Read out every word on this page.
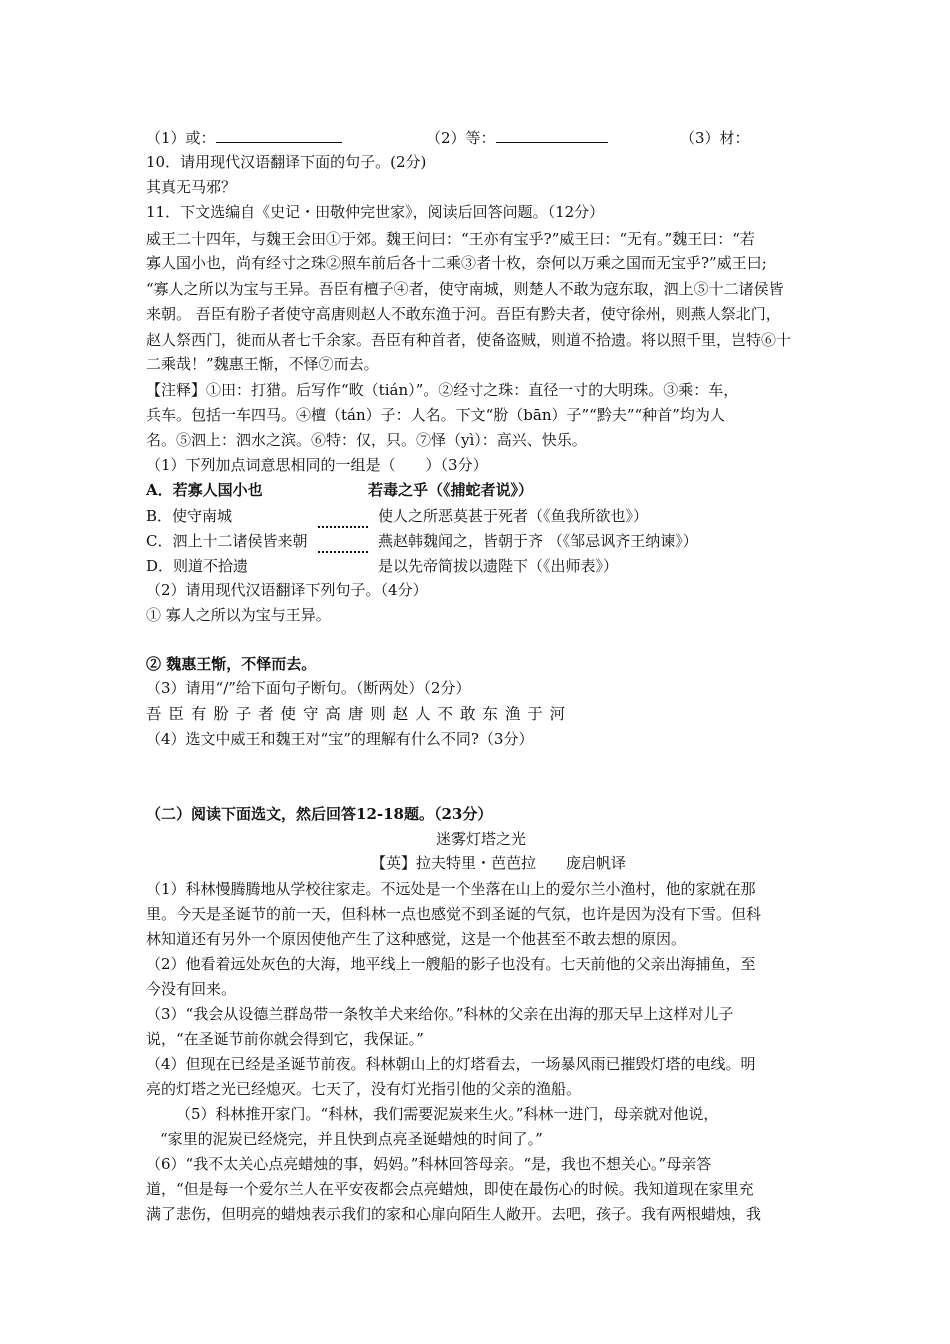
（1）或：	（2）等：	（3）材：
10．请用现代汉语翻译下面的句子。(2分)
其真无马邪？
11．下文选编自《史记・田敬仲完世家》，阅读后回答问题。（12分）
威王二十四年，与魏王会田①于郊。魏王问曰：“王亦有宝乎?”威王曰：“无有。”魏王曰：“若
寡人国小也，尚有经寸之珠②照车前后各十二乘③者十枚，奈何以万乘之国而无宝乎?”威王曰;
“寡人之所以为宝与王异。吾臣有檀子④者，使守南城，则楚人不敢为寇东取，泗上⑤十二诸侯皆
来朝。 吾臣有肦子者使守高唐则赵人不敢东渔于河。吾臣有黔夫者，使守徐州，则燕人祭北门，
赵人祭西门，徙而从者七千余家。吾臣有种首者，使备盗贼，则道不拾遗。将以照千里，岂特⑥十
二乘哉！”魏惠王惭，不怿⑦而去。
【注释】①田：打猎。后写作“畋（tián）”。②经寸之珠：直径一寸的大明珠。③乘：车，
兵车。包括一车四马。④檀（tán）子：人名。下文“肦（bān）子”“黔夫”“种首”均为人
名。⑤泗上：泗水之滨。⑥特：仅，只。⑦怿（yì）：高兴、快乐。
（1）下列加点词意思相同的一组是（　　）（3分）
A．若寡人国小也	若毒之乎（《捕蛇者说》）
B．使守南城	使人之所恶莫甚于死者（《鱼我所欲也》）
C．泗上十二诸侯皆来朝	燕赵韩魏闻之，皆朝于齐 （《邹忌讽齐王纳谏》）
D．则道不拾遗	是以先帝简拔以遗陛下（《出师表》）
（2）请用现代汉语翻译下列句子。（4分）
① 寡人之所以为宝与王异。
② 魏惠王惭，不怿而去。
（3）请用“/”给下面句子断句。（断两处）（2分）
吾 臣 有 肦 子 者 使 守 高 唐 则 赵 人 不 敢 东 渔 于 河
（4）选文中威王和魏王对“宝”的理解有什么不同?（3分）
（二）阅读下面选文，然后回答12-18题。（23分）
迷雾灯塔之光
【英】拉夫特里・芭芭拉　　庞启帆译
（1）科林慢腾腾地从学校往家走。不远处是一个坐落在山上的爱尔兰小渔村，他的家就在那
里。今天是圣诞节的前一天，但科林一点也感觉不到圣诞的气氛，也许是因为没有下雪。但科
林知道还有另外一个原因使他产生了这种感觉，这是一个他甚至不敢去想的原因。
（2）他看着远处灰色的大海，地平线上一艘船的影子也没有。七天前他的父亲出海捕鱼，至
今没有回来。
（3）“我会从设德兰群岛带一条牧羊犬来给你。”科林的父亲在出海的那天早上这样对儿子
说，“在圣诞节前你就会得到它，我保证。”
（4）但现在已经是圣诞节前夜。科林朝山上的灯塔看去，一场暴风雨已摧毁灯塔的电线。明
亮的灯塔之光已经熄灭。七天了，没有灯光指引他的父亲的渔船。
（5）科林推开家门。“科林，我们需要泥炭来生火。”科林一进门，母亲就对他说，
“家里的泥炭已经烧完，并且快到点亮圣诞蜡烛的时间了。”
（6）“我不太关心点亮蜡烛的事，妈妈。”科林回答母亲。“是，我也不想关心。”母亲答
道，“但是每一个爱尔兰人在平安夜都会点亮蜡烛，即使在最伤心的时候。我知道现在家里充
满了悲伤，但明亮的蜡烛表示我们的家和心扉向陌生人敞开。去吧，孩子。我有两根蜡烛，我
